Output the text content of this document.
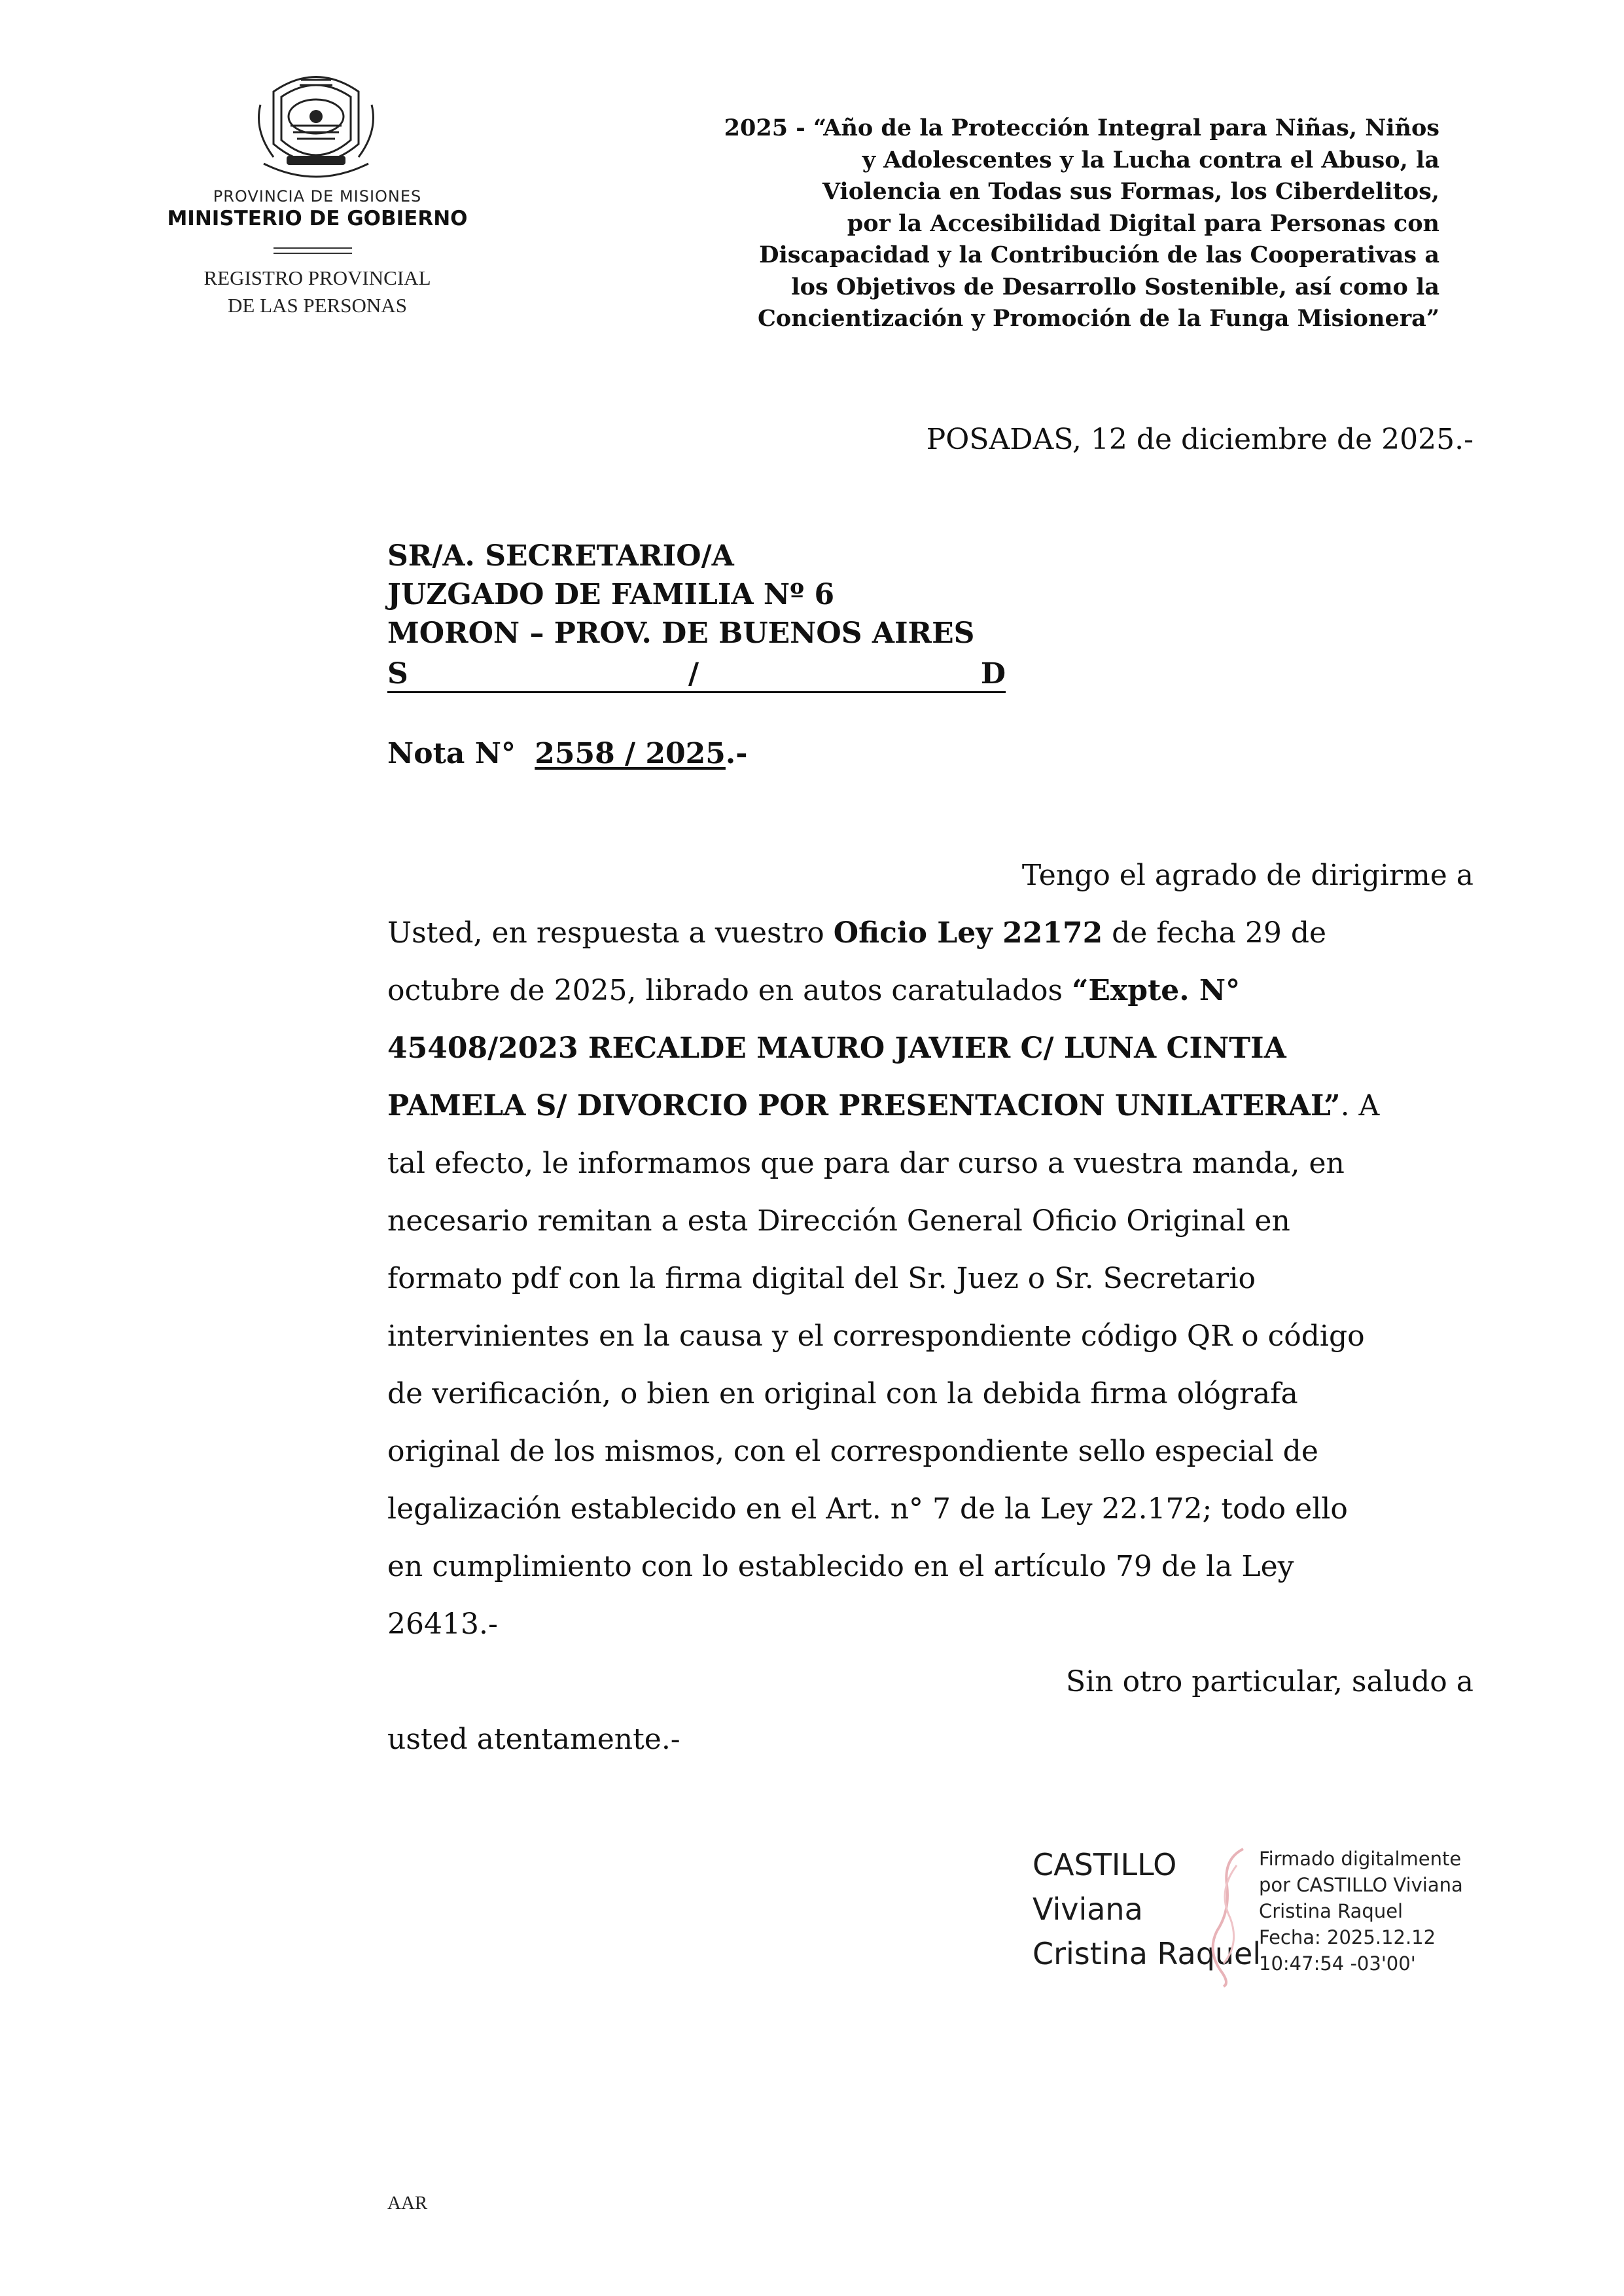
PROVINCIA DE MISIONES
MINISTERIO DE GOBIERNO
REGISTRO PROVINCIAL
DE LAS PERSONAS
2025 - “Año de la Protección Integral para Niñas, Niños
y Adolescentes y la Lucha contra el Abuso, la
Violencia en Todas sus Formas, los Ciberdelitos,
por la Accesibilidad Digital para Personas con
Discapacidad y la Contribución de las Cooperativas a
los Objetivos de Desarrollo Sostenible, así como la
Concientización y Promoción de la Funga Misionera”
POSADAS, 12 de diciembre de 2025.-
SR/A. SECRETARIO/A
JUZGADO DE FAMILIA Nº 6
MORON – PROV. DE BUENOS AIRES
S	/	D
Nota N° 2558 / 2025.-
Tengo el agrado de dirigirme a
Usted, en respuesta a vuestro Oficio Ley 22172 de fecha 29 de
octubre de 2025, librado en autos caratulados “Expte. N°
45408/2023 RECALDE MAURO JAVIER C/ LUNA CINTIA
PAMELA S/ DIVORCIO POR PRESENTACION UNILATERAL” . A
tal efecto, le informamos que para dar curso a vuestra manda, en
necesario remitan a esta Dirección General Oficio Original en
formato pdf con la firma digital del Sr. Juez o Sr. Secretario
intervinientes en la causa y el correspondiente código QR o código
de verificación, o bien en original con la debida firma ológrafa
original de los mismos, con el correspondiente sello especial de
legalización establecido en el Art. n° 7 de la Ley 22.172; todo ello
en cumplimiento con lo establecido en el artículo 79 de la Ley
26413.-
Sin otro particular, saludo a
usted atentamente.-
CASTILLO
Viviana
Cristina Raquel
Firmado digitalmente
por CASTILLO Viviana
Cristina Raquel
Fecha: 2025.12.12
10:47:54 -03'00'
AAR
